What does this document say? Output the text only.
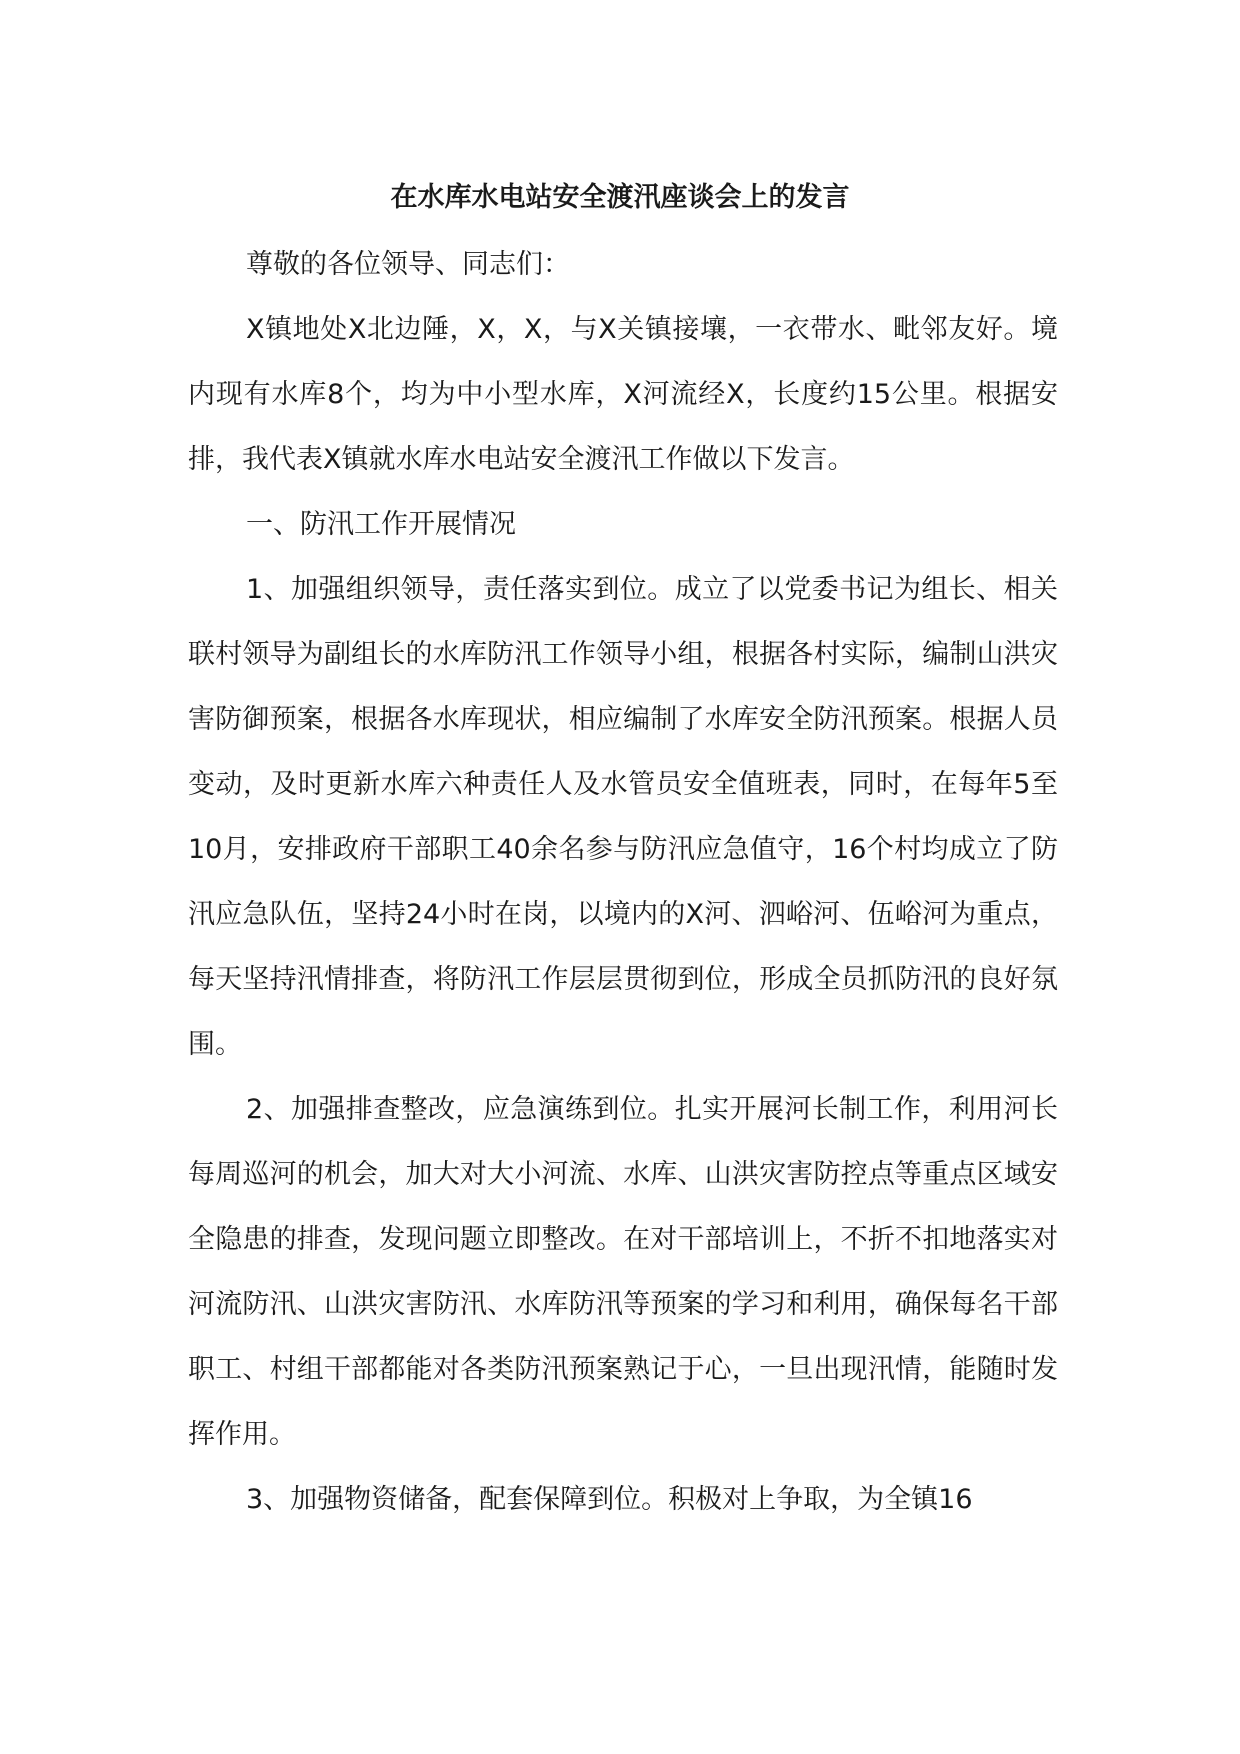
在水库水电站安全渡汛座谈会上的发言

尊敬的各位领导、同志们：

X镇地处X北边陲，X，X，与X关镇接壤，一衣带水、毗邻友好。境内现有水库8个，均为中小型水库，X河流经X，长度约15公里。根据安排，我代表X镇就水库水电站安全渡汛工作做以下发言。

一、防汛工作开展情况

1、加强组织领导，责任落实到位。成立了以党委书记为组长、相关联村领导为副组长的水库防汛工作领导小组，根据各村实际，编制山洪灾害防御预案，根据各水库现状，相应编制了水库安全防汛预案。根据人员变动，及时更新水库六种责任人及水管员安全值班表，同时，在每年5至10月，安排政府干部职工40余名参与防汛应急值守，16个村均成立了防汛应急队伍，坚持24小时在岗，以境内的X河、泗峪河、伍峪河为重点，每天坚持汛情排查，将防汛工作层层贯彻到位，形成全员抓防汛的良好氛围。

2、加强排查整改，应急演练到位。扎实开展河长制工作，利用河长每周巡河的机会，加大对大小河流、水库、山洪灾害防控点等重点区域安全隐患的排查，发现问题立即整改。在对干部培训上，不折不扣地落实对河流防汛、山洪灾害防汛、水库防汛等预案的学习和利用，确保每名干部职工、村组干部都能对各类防汛预案熟记于心，一旦出现汛情，能随时发挥作用。

3、加强物资储备，配套保障到位。积极对上争取，为全镇16
